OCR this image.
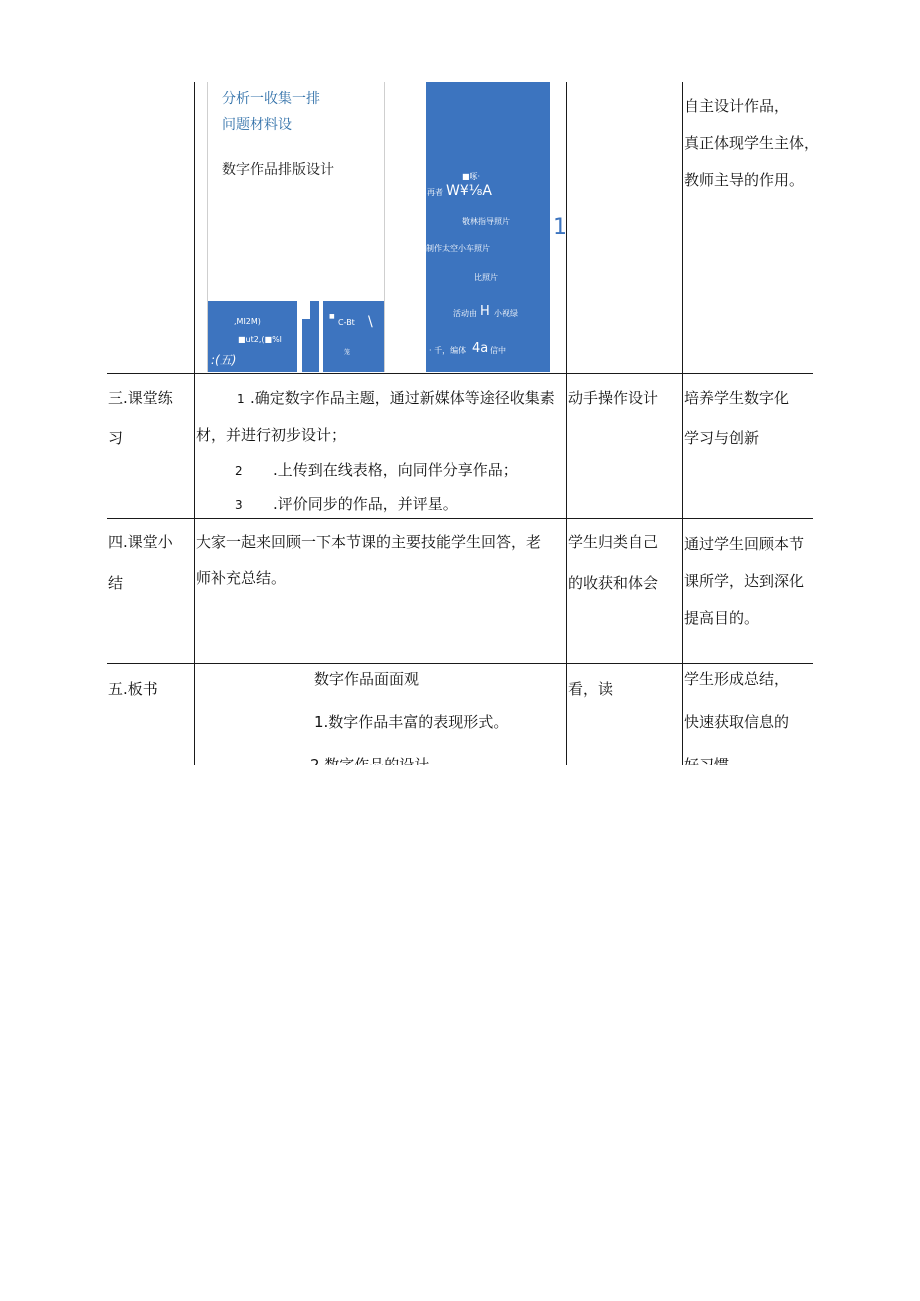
分析一收集一排
问题材料设
数字作品排版设计
,MI2M)
■ut2,(■%l
C-Bt \
■
笼
:(五)
■啄·
再者 W¥⅛A
敬林指导照片
制作太空小车照片
比照片
活动由 H 小视绿
· 千，编体 4a 信中
1
自主设计作品，
真正体现学生主体，
教师主导的作用。
三.课堂练
习
1 .确定数字作品主题，通过新媒体等途径收集素
材，并进行初步设计；
2 .上传到在线表格，向同伴分享作品；
3 .评价同步的作品，并评星。
动手操作设计 培养学生数字化
学习与创新
四.课堂小
结
大家一起来回顾一下本节课的主要技能学生回答，老
师补充总结。
学生归类自己
的收获和体会
通过学生回顾本节
课所学，达到深化
提高目的。
五.板书
数字作品面面观
1.数字作品丰富的表现形式。
看，读
学生形成总结，
快速获取信息的
